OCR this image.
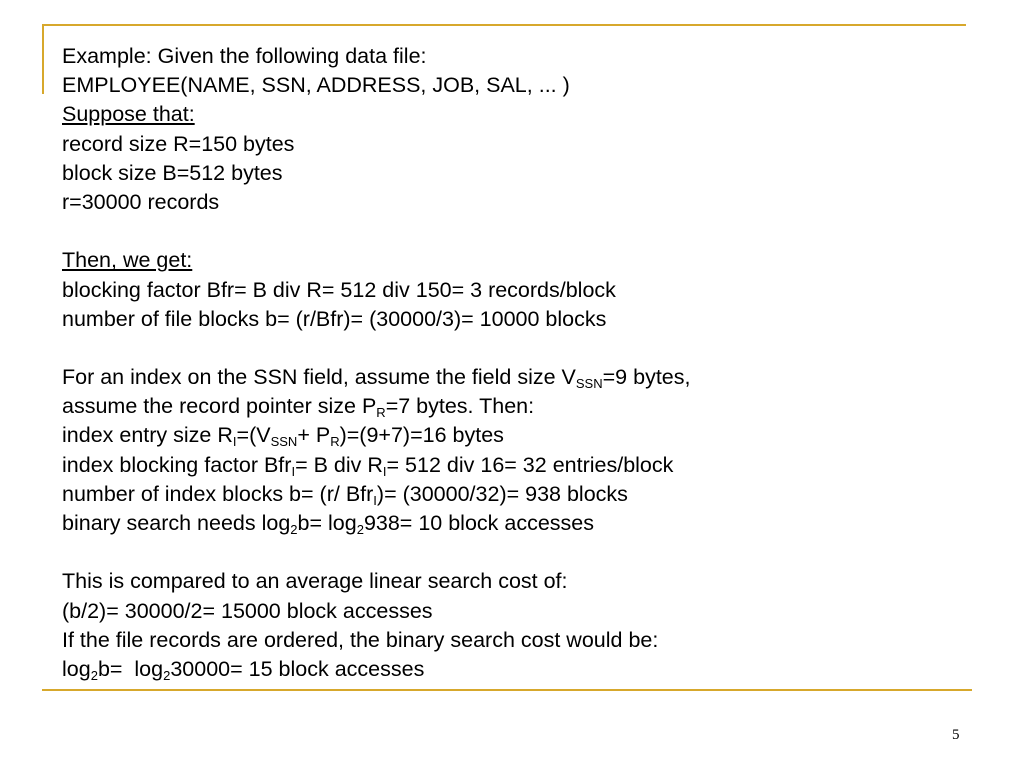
Example: Given the following data file:
EMPLOYEE(NAME, SSN, ADDRESS, JOB, SAL, ... )
Suppose that:
record size R=150 bytes
block size B=512 bytes
r=30000 records
Then, we get:
blocking factor Bfr= B div R= 512 div 150= 3 records/block
number of file blocks b= (r/Bfr)= (30000/3)= 10000 blocks
For an index on the SSN field, assume the field size $V_{SSN}=9$ bytes,
assume the record pointer size $P_R=7$ bytes. Then:
index entry size $R_I=(V_{SSN}+ P_R)=(9+7)=16$ bytes
index blocking factor Bfr$_I$= B div $R_I= 512$ div 16= 32 entries/block
number of index blocks b= (r/ Bfr$_I$)= (30000/32)= 938 blocks
binary search needs $\log_2b= \log_2938= 10$ block accesses
This is compared to an average linear search cost of:
(b/2)= 30000/2= 15000 block accesses
If the file records are ordered, the binary search cost would be:
$\log_2b= \log_230000= 15$ block accesses
5
